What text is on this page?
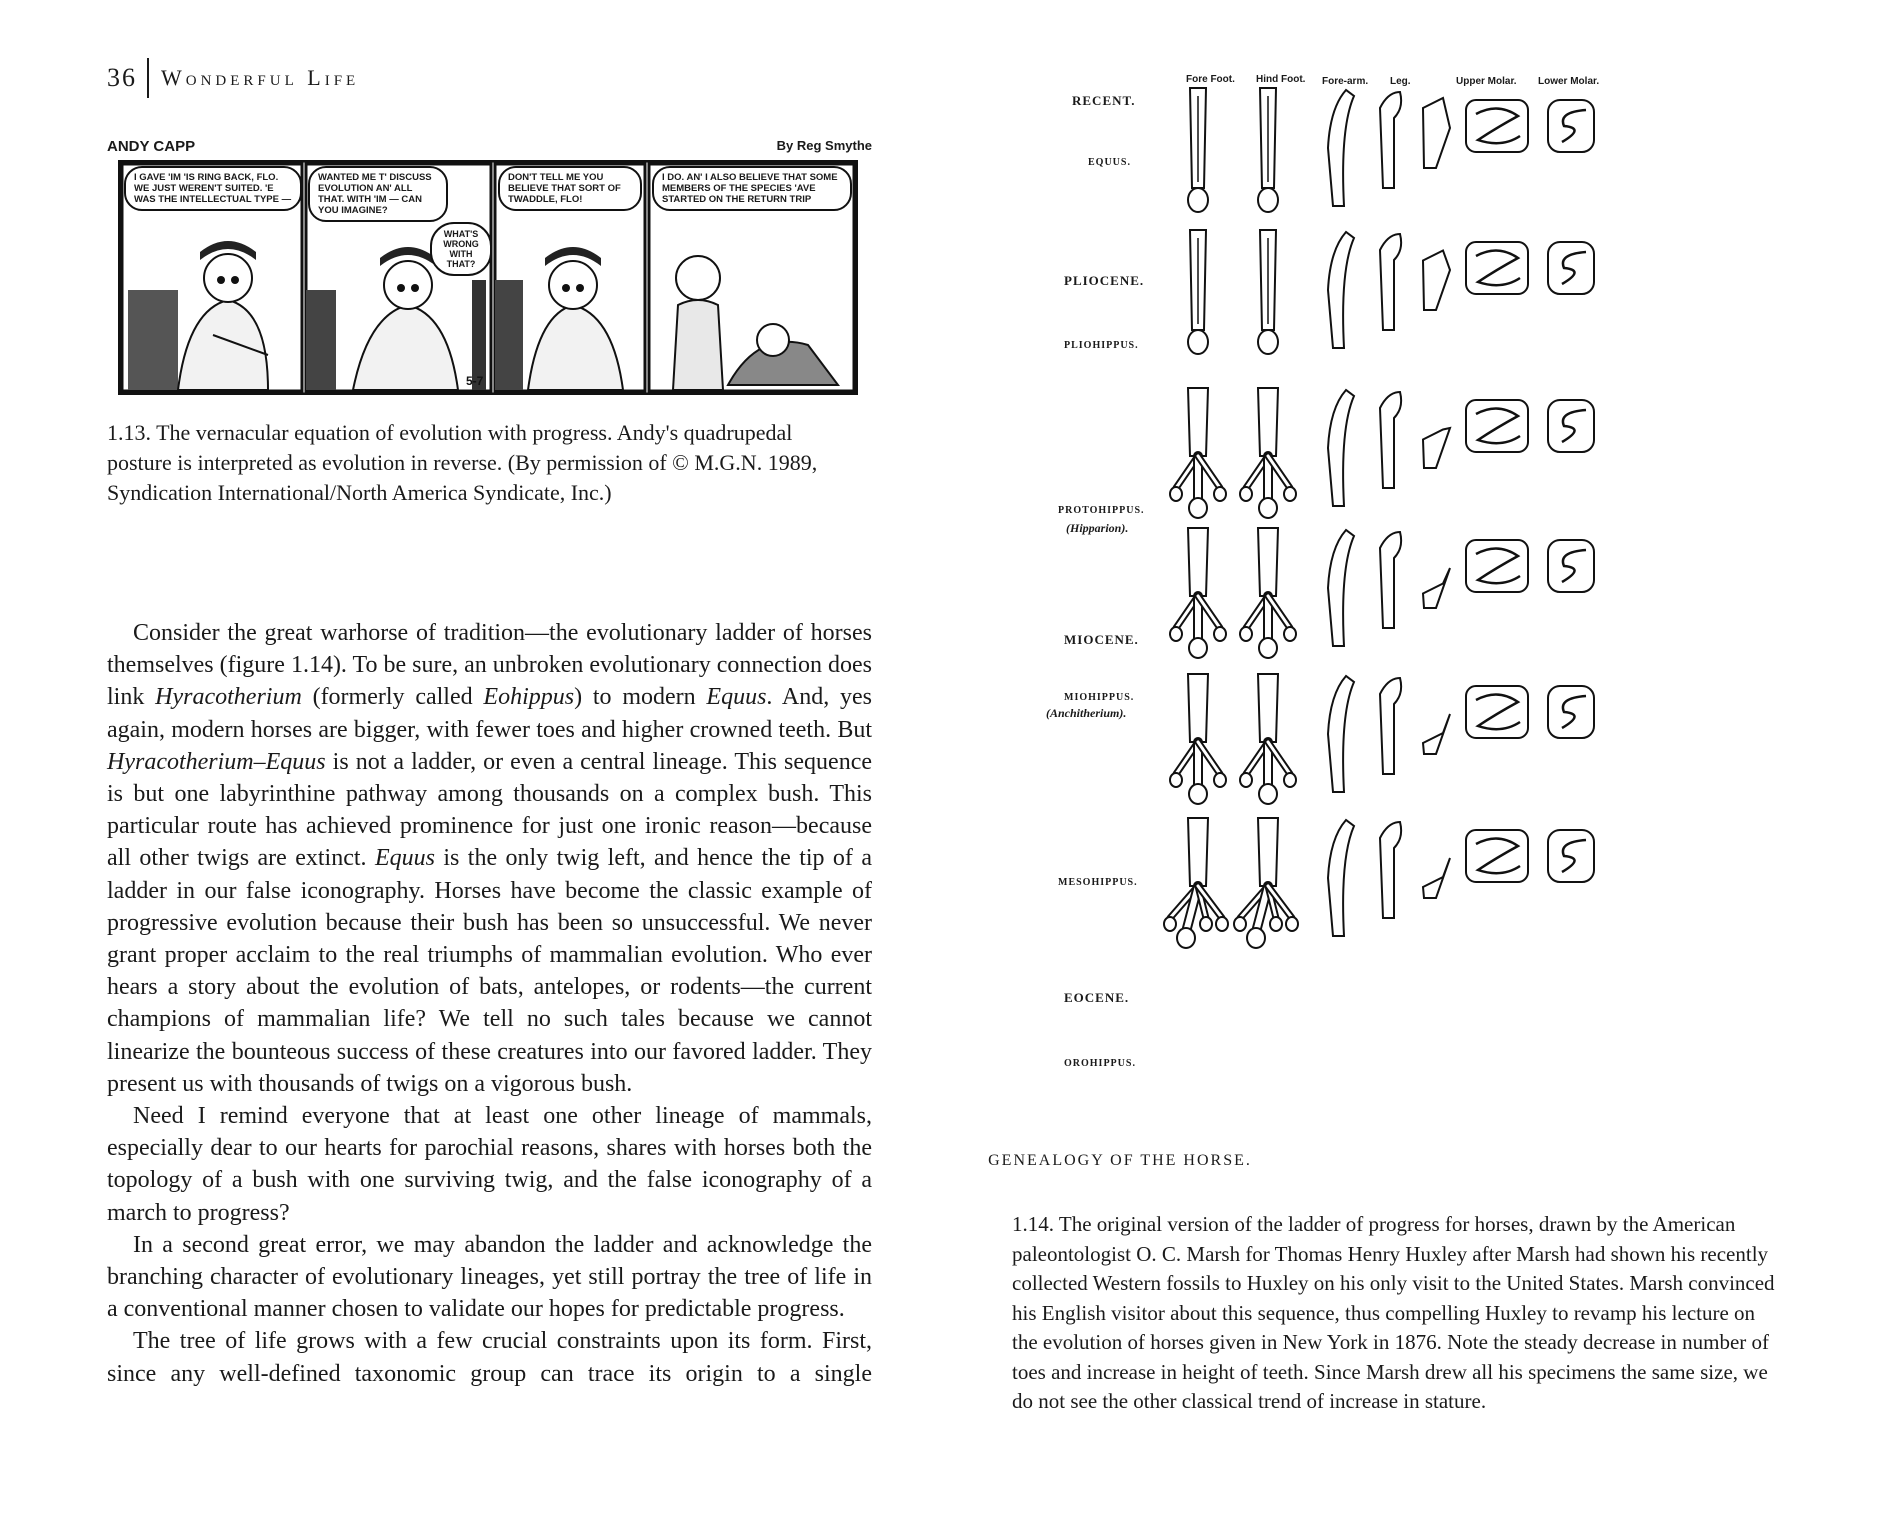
36 Wonderful Life
ANDY CAPP	By Reg Smythe
I GAVE 'IM 'IS RING BACK, FLO. WE JUST WEREN'T SUITED. 'E WAS THE INTELLECTUAL TYPE —
WANTED ME T' DISCUSS EVOLUTION AN' ALL THAT. WITH 'IM — CAN YOU IMAGINE?
WHAT'S WRONG WITH THAT?
DON'T TELL ME YOU BELIEVE THAT SORT OF TWADDLE, FLO!
I DO. AN' I ALSO BELIEVE THAT SOME MEMBERS OF THE SPECIES 'AVE STARTED ON THE RETURN TRIP
5-7
1.13. The vernacular equation of evolution with progress. Andy's quadrupedal posture is interpreted as evolution in reverse. (By permission of © M.G.N. 1989, Syndication International/North America Syndicate, Inc.)

Consider the great warhorse of tradition—the evolutionary ladder of horses themselves (figure 1.14). To be sure, an unbroken evolutionary connection does link Hyracotherium (formerly called Eohippus) to modern Equus. And, yes again, modern horses are bigger, with fewer toes and higher crowned teeth. But Hyracotherium–Equus is not a ladder, or even a central lineage. This sequence is but one labyrinthine pathway among thousands on a complex bush. This particular route has achieved prominence for just one ironic reason—because all other twigs are extinct. Equus is the only twig left, and hence the tip of a ladder in our false iconography. Horses have become the classic example of progressive evolution because their bush has been so unsuccessful. We never grant proper acclaim to the real triumphs of mammalian evolution. Who ever hears a story about the evolution of bats, antelopes, or rodents—the current champions of mammalian life? We tell no such tales because we cannot linearize the bounteous success of these creatures into our favored ladder. They present us with thousands of twigs on a vigorous bush.

Need I remind everyone that at least one other lineage of mammals, especially dear to our hearts for parochial reasons, shares with horses both the topology of a bush with one surviving twig, and the false iconography of a march to progress?

In a second great error, we may abandon the ladder and acknowledge the branching character of evolutionary lineages, yet still portray the tree of life in a conventional manner chosen to validate our hopes for predictable progress.

The tree of life grows with a few crucial constraints upon its form. First, since any well-defined taxonomic group can trace its origin to a single

Fore Foot. Hind Foot. Fore-arm. Leg.	Upper Molar. Lower Molar.
RECENT.
EQUUS.
PLIOCENE.
PLIOHIPPUS.
PROTOHIPPUS.
(Hipparion).
MIOCENE.
MIOHIPPUS.
(Anchitherium).
MESOHIPPUS.
EOCENE.
OROHIPPUS.
GENEALOGY OF THE HORSE.
1.14. The original version of the ladder of progress for horses, drawn by the American paleontologist O. C. Marsh for Thomas Henry Huxley after Marsh had shown his recently collected Western fossils to Huxley on his only visit to the United States. Marsh convinced his English visitor about this sequence, thus compelling Huxley to revamp his lecture on the evolution of horses given in New York in 1876. Note the steady decrease in number of toes and increase in height of teeth. Since Marsh drew all his specimens the same size, we do not see the other classical trend of increase in stature.
